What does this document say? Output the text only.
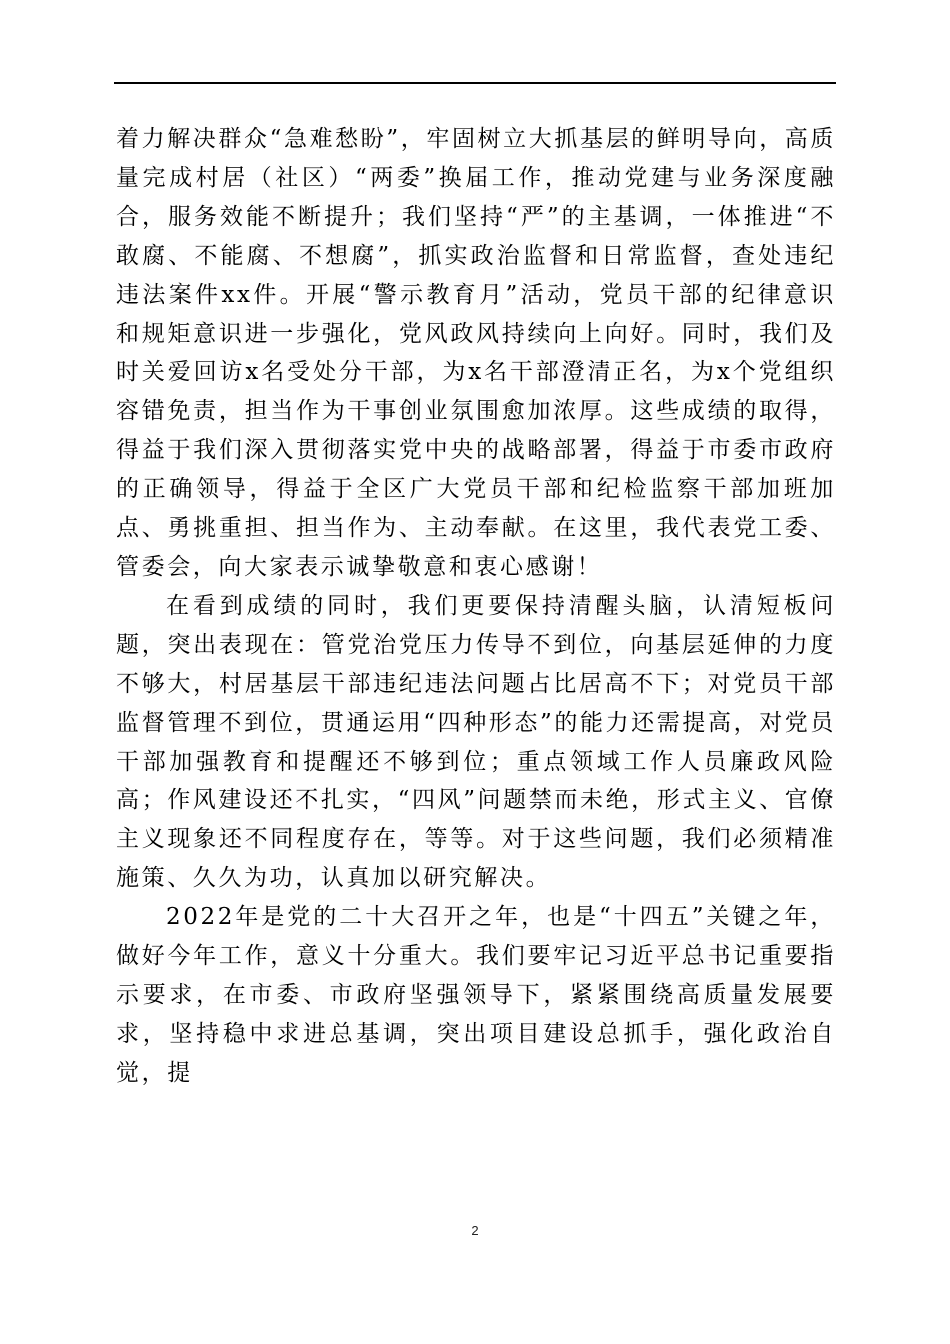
着力解决群众“急难愁盼”，牢固树立大抓基层的鲜明导向，高质量完成村居（社区）“两委”换届工作，推动党建与业务深度融合，服务效能不断提升；我们坚持“严”的主基调，一体推进“不敢腐、不能腐、不想腐”，抓实政治监督和日常监督，查处违纪违法案件xx件。开展“警示教育月”活动，党员干部的纪律意识和规矩意识进一步强化，党风政风持续向上向好。同时，我们及时关爱回访x名受处分干部，为x名干部澄清正名，为x个党组织容错免责，担当作为干事创业氛围愈加浓厚。这些成绩的取得，得益于我们深入贯彻落实党中央的战略部署，得益于市委市政府的正确领导，得益于全区广大党员干部和纪检监察干部加班加点、勇挑重担、担当作为、主动奉献。在这里，我代表党工委、管委会，向大家表示诚挚敬意和衷心感谢！

在看到成绩的同时，我们更要保持清醒头脑，认清短板问题，突出表现在：管党治党压力传导不到位，向基层延伸的力度不够大，村居基层干部违纪违法问题占比居高不下；对党员干部监督管理不到位，贯通运用“四种形态”的能力还需提高，对党员干部加强教育和提醒还不够到位；重点领域工作人员廉政风险高；作风建设还不扎实，“四风”问题禁而未绝，形式主义、官僚主义现象还不同程度存在，等等。对于这些问题，我们必须精准施策、久久为功，认真加以研究解决。

2022年是党的二十大召开之年，也是“十四五”关键之年，做好今年工作，意义十分重大。我们要牢记习近平总书记重要指示要求，在市委、市政府坚强领导下，紧紧围绕高质量发展要求，坚持稳中求进总基调，突出项目建设总抓手，强化政治自觉，提

2
